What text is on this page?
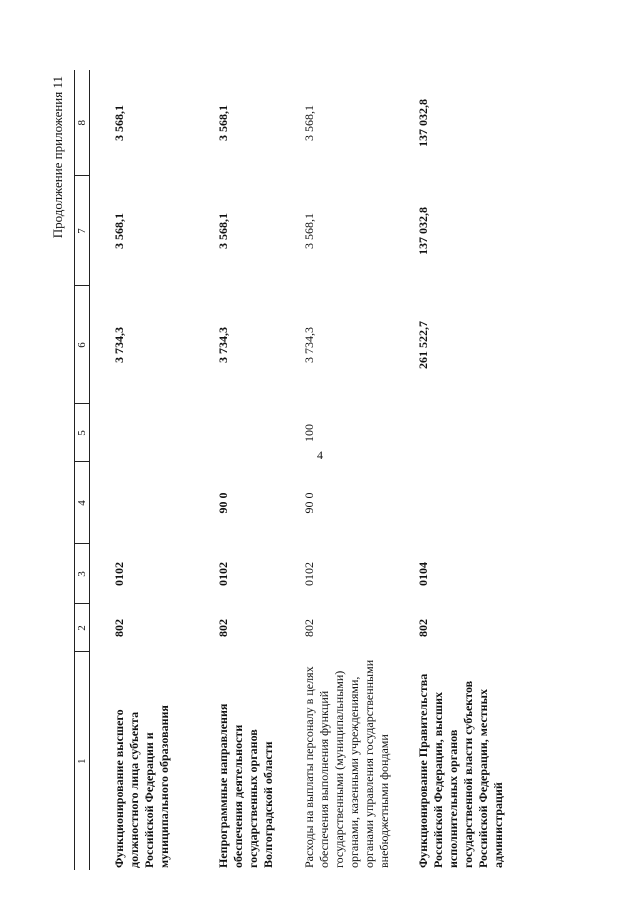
4
Продолжение приложения 11
1	2	3	4	5	6	7	8
Функционирование высшего должностного лица субъекта Российской Федерации и муниципального образования	802	0102			3 734,3	3 568,1	3 568,1
Непрограммные направления обеспечения деятельности государственных органов Волгоградской области	802	0102	90 0		3 734,3	3 568,1	3 568,1
Расходы на выплаты персоналу в целях обеспечения выполнения функций государственными (муниципальными) органами, казенными учреждениями, органами управления государственными внебюджетными фондами	802	0102	90 0	100	3 734,3	3 568,1	3 568,1
Функционирование Правительства Российской Федерации, высших исполнительных органов государственной власти субъектов Российской Федерации, местных администраций	802	0104			261 522,7	137 032,8	137 032,8
